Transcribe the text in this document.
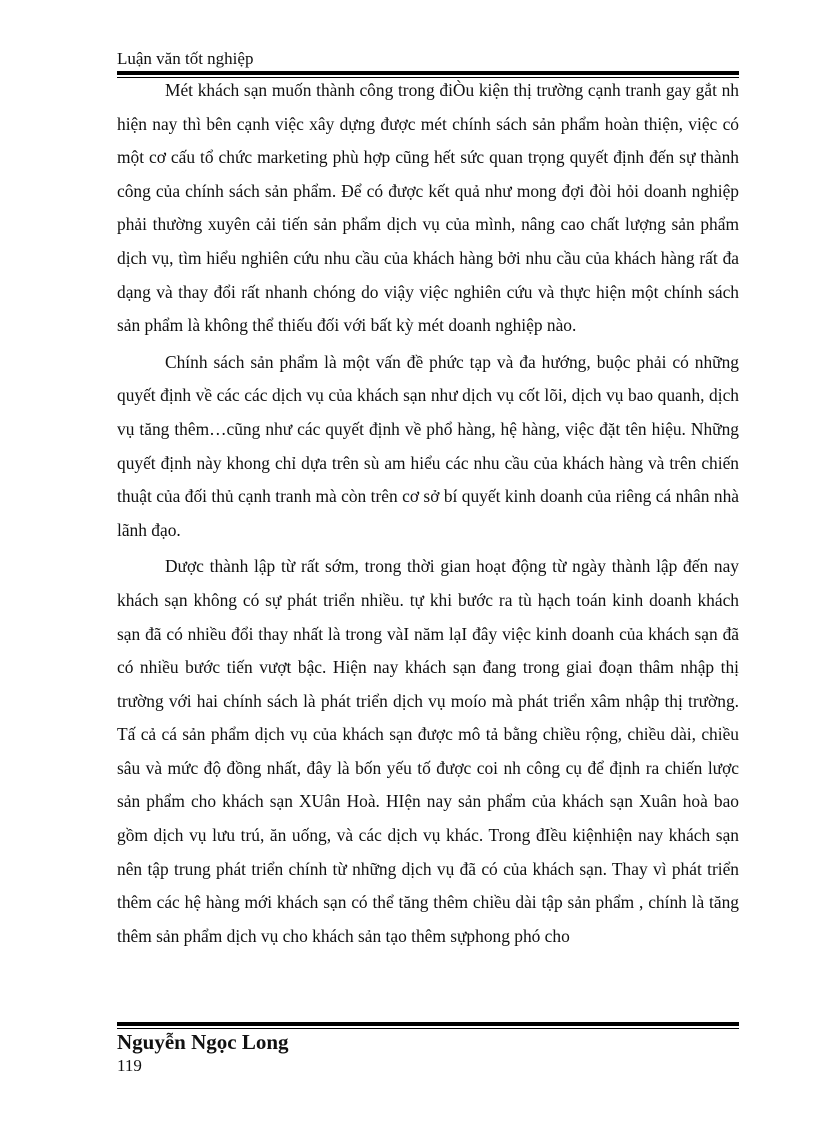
Luận văn tốt nghiệp

Mét khách sạn muốn thành công trong điÒu kiện thị trường cạnh tranh gay gắt nh hiện nay thì bên cạnh việc xây dựng được mét chính sách sản phẩm hoàn thiện, việc có một cơ cấu tổ chức marketing phù hợp cũng hết sức quan trọng quyết định đến sự thành công của chính sách sản phẩm. Để có được kết quả như mong đợi đòi hỏi doanh nghiệp phải thường xuyên cải tiến sản phẩm dịch vụ của mình, nâng cao chất lượng sản phẩm dịch vụ, tìm hiểu nghiên cứu nhu cầu của khách hàng bởi nhu cầu của khách hàng rất đa dạng và thay đổi rất nhanh chóng do viậy việc nghiên cứu và thực hiện một chính sách sản phẩm là không thể thiếu đối với bất kỳ mét doanh nghiệp nào.

Chính sách sản phẩm là một vấn đề phức tạp và đa hướng, buộc phải có những quyết định về các các dịch vụ của khách sạn như dịch vụ cốt lõi, dịch vụ bao quanh, dịch vụ tăng thêm…cũng như các quyết định về phổ hàng, hệ hàng, việc đặt tên hiệu. Những quyết định này khong chỉ dựa trên sù am hiểu các nhu cầu của khách hàng và trên chiến thuật của đối thủ cạnh tranh mà còn trên cơ sở bí quyết kinh doanh của riêng cá nhân nhà lãnh đạo.

Dược thành lập từ rất sớm, trong thời gian hoạt động từ ngày thành lập đến nay khách sạn không có sự phát triển nhiều. tự khi bước ra tù hạch toán kinh doanh khách sạn đã có nhiều đổi thay nhất là trong vàI năm lạI đây việc kinh doanh của khách sạn đã có nhiều bước tiến vượt bậc. Hiện nay khách sạn đang trong giai đoạn thâm nhập thị trường với hai chính sách là phát triển dịch vụ moío mà phát triển xâm nhập thị trường. Tấ cả cá sản phẩm dịch vụ của khách sạn được mô tả bằng chiều rộng, chiều dài, chiều sâu và mức độ đồng nhất, đây là bốn yếu tố được coi nh công cụ để định ra chiến lược sản phẩm cho khách sạn XUân Hoà. HIện nay sản phẩm của khách sạn Xuân hoà bao gồm dịch vụ lưu trú, ăn uống, và các dịch vụ khác. Trong đIều kiệnhiện nay khách sạn nên tập trung phát triển chính từ những dịch vụ đã có của khách sạn. Thay vì phát triển thêm các hệ hàng mới khách sạn có thể tăng thêm chiều dài tập sản phẩm , chính là tăng thêm sản phẩm dịch vụ cho khách sản tạo thêm sựphong phó cho

Nguyễn Ngọc Long
119
